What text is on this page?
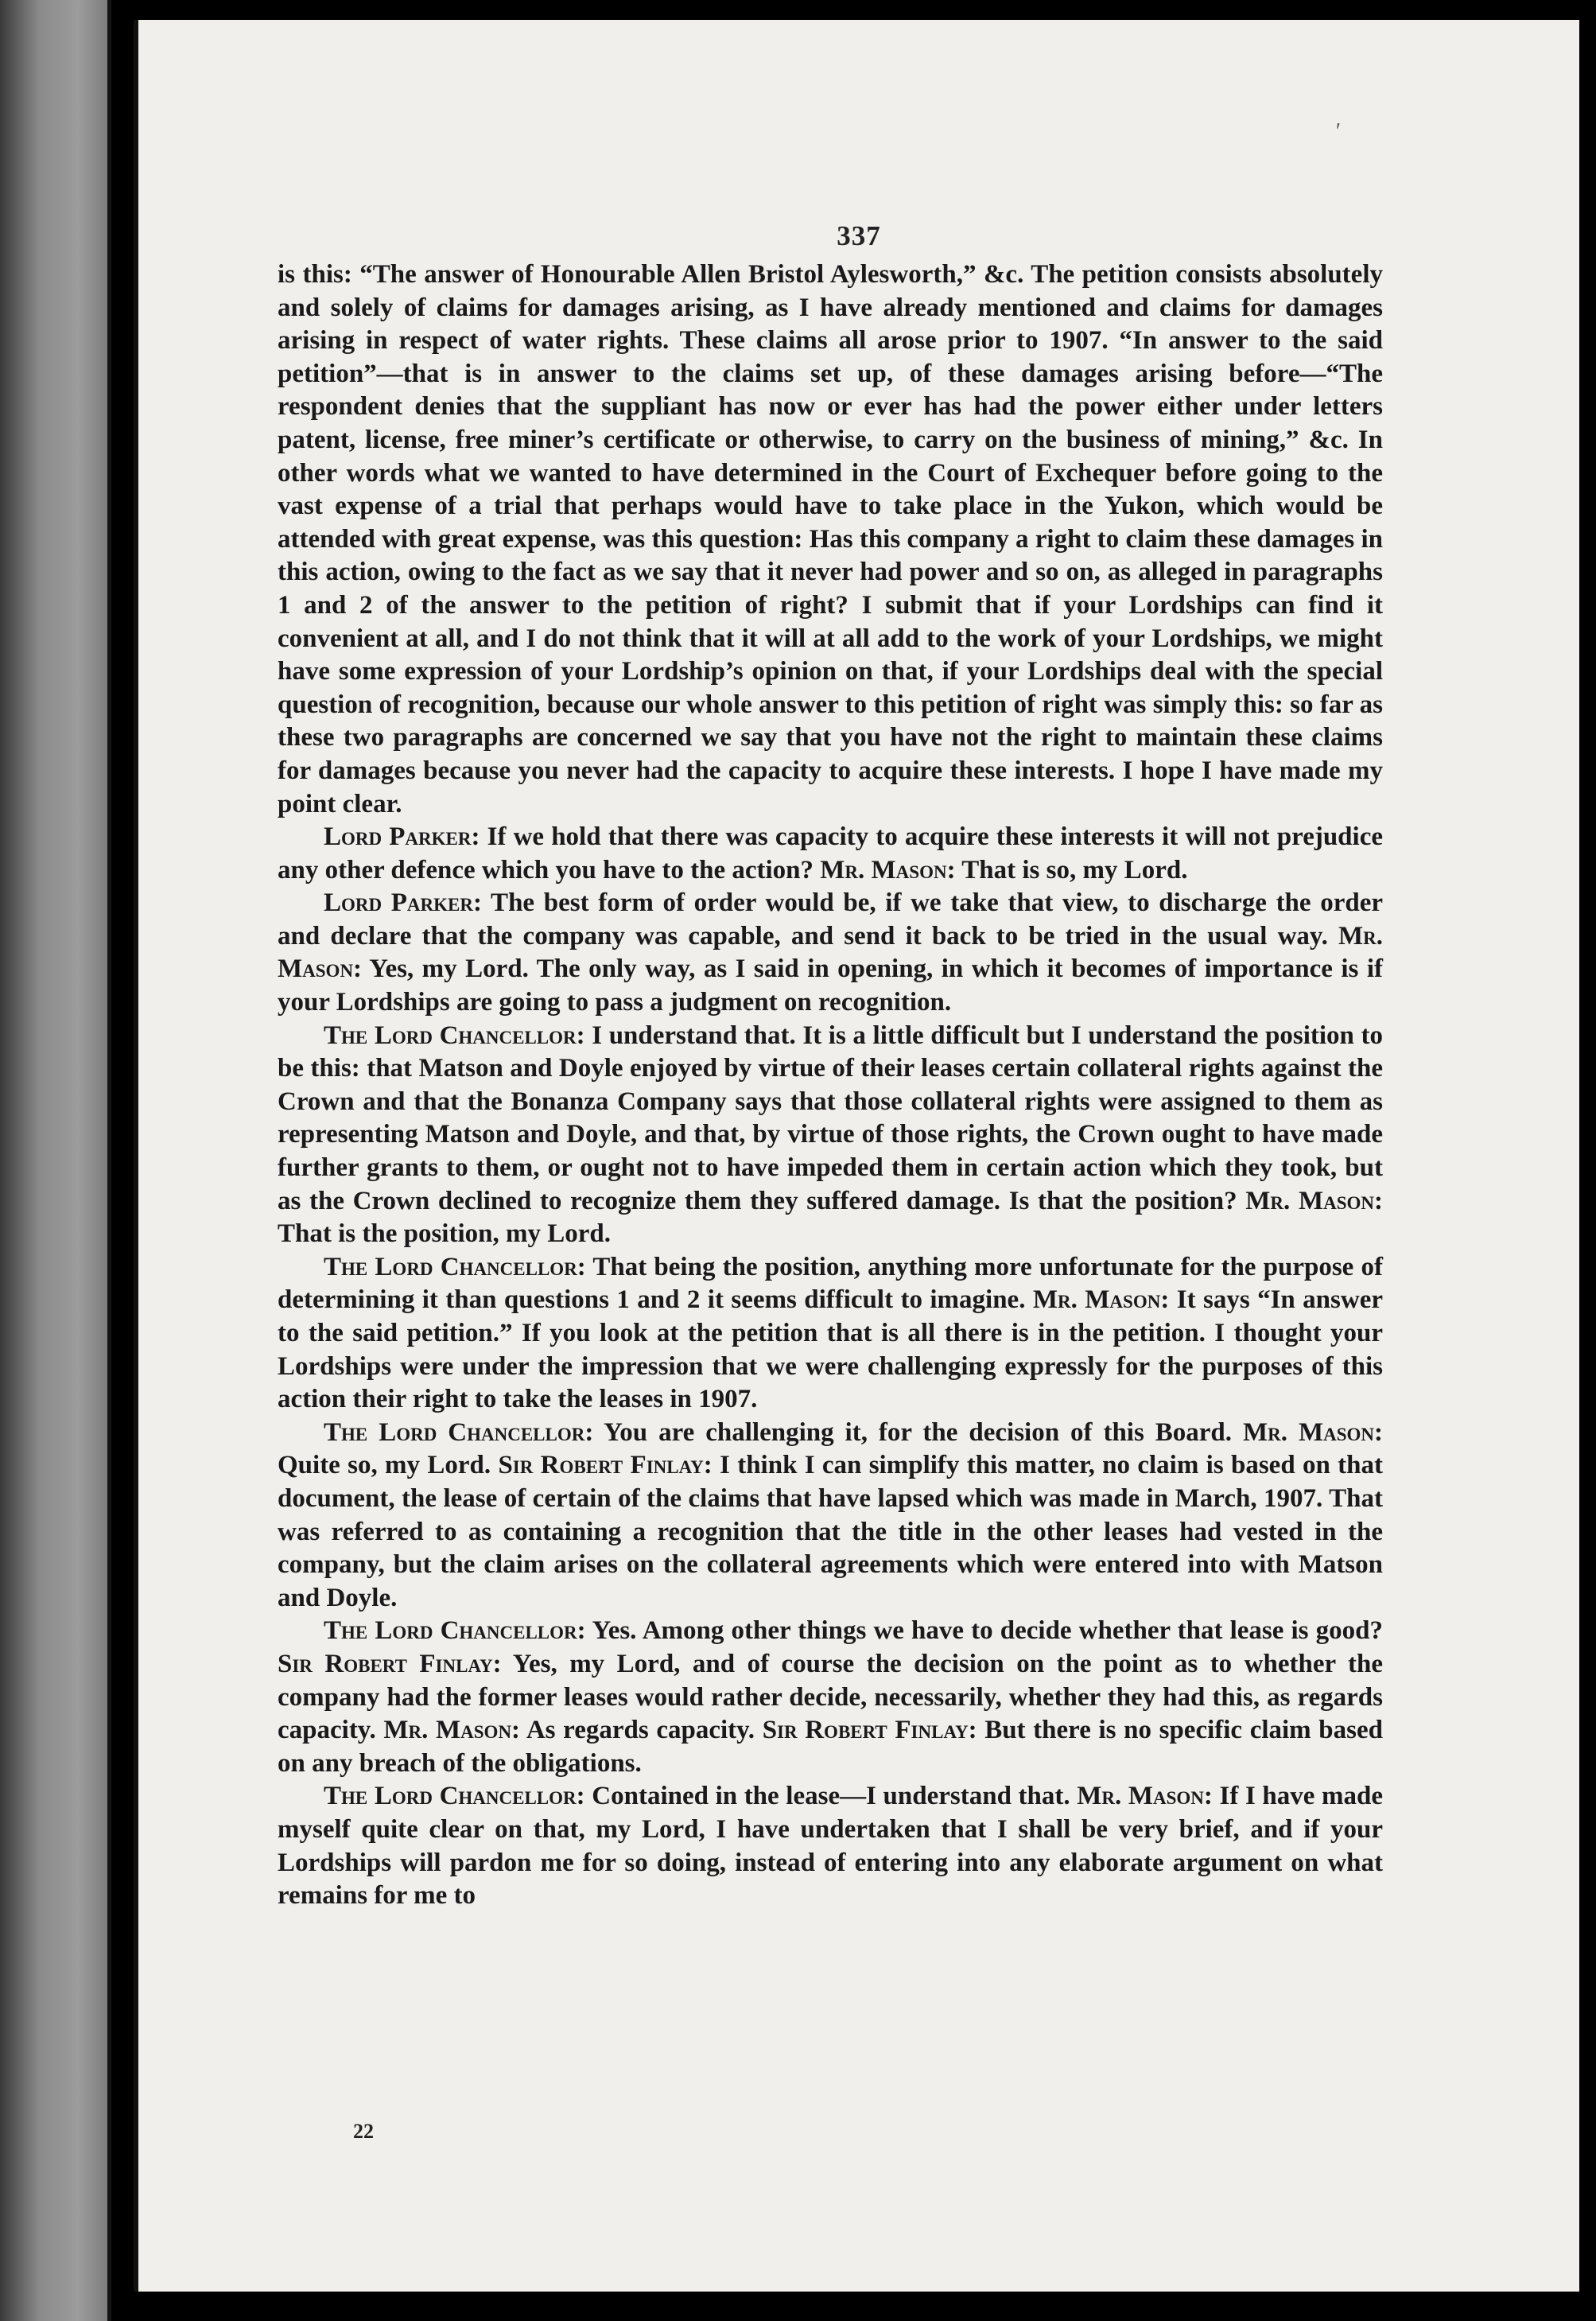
′
337

is this: “The answer of Honourable Allen Bristol Aylesworth,” &c. The petition consists absolutely and solely of claims for damages arising, as I have already mentioned and claims for damages arising in respect of water rights. These claims all arose prior to 1907. “In answer to the said petition”—that is in answer to the claims set up, of these damages arising before—“The respondent denies that the suppliant has now or ever has had the power either under letters patent, license, free miner’s certificate or otherwise, to carry on the business of mining,” &c. In other words what we wanted to have determined in the Court of Exchequer before going to the vast expense of a trial that perhaps would have to take place in the Yukon, which would be attended with great expense, was this question: Has this company a right to claim these damages in this action, owing to the fact as we say that it never had power and so on, as alleged in paragraphs 1 and 2 of the answer to the petition of right? I submit that if your Lordships can find it convenient at all, and I do not think that it will at all add to the work of your Lordships, we might have some expression of your Lordship’s opinion on that, if your Lordships deal with the special question of recognition, because our whole answer to this petition of right was simply this: so far as these two paragraphs are concerned we say that you have not the right to maintain these claims for damages because you never had the capacity to acquire these interests. I hope I have made my point clear.

Lord Parker: If we hold that there was capacity to acquire these interests it will not prejudice any other defence which you have to the action? Mr. Mason: That is so, my Lord.

Lord Parker: The best form of order would be, if we take that view, to discharge the order and declare that the company was capable, and send it back to be tried in the usual way. Mr. Mason: Yes, my Lord. The only way, as I said in opening, in which it becomes of importance is if your Lordships are going to pass a judgment on recognition.

The Lord Chancellor: I understand that. It is a little difficult but I understand the position to be this: that Matson and Doyle enjoyed by virtue of their leases certain collateral rights against the Crown and that the Bonanza Company says that those collateral rights were assigned to them as representing Matson and Doyle, and that, by virtue of those rights, the Crown ought to have made further grants to them, or ought not to have impeded them in certain action which they took, but as the Crown declined to recognize them they suffered damage. Is that the position? Mr. Mason: That is the position, my Lord.

The Lord Chancellor: That being the position, anything more unfortunate for the purpose of determining it than questions 1 and 2 it seems difficult to imagine. Mr. Mason: It says “In answer to the said petition.” If you look at the petition that is all there is in the petition. I thought your Lordships were under the impression that we were challenging expressly for the purposes of this action their right to take the leases in 1907.

The Lord Chancellor: You are challenging it, for the decision of this Board. Mr. Mason: Quite so, my Lord. Sir Robert Finlay: I think I can simplify this matter, no claim is based on that document, the lease of certain of the claims that have lapsed which was made in March, 1907. That was referred to as containing a recognition that the title in the other leases had vested in the company, but the claim arises on the collateral agreements which were entered into with Matson and Doyle.

The Lord Chancellor: Yes. Among other things we have to decide whether that lease is good? Sir Robert Finlay: Yes, my Lord, and of course the decision on the point as to whether the company had the former leases would rather decide, necessarily, whether they had this, as regards capacity. Mr. Mason: As regards capacity. Sir Robert Finlay: But there is no specific claim based on any breach of the obligations.

The Lord Chancellor: Contained in the lease—I understand that. Mr. Mason: If I have made myself quite clear on that, my Lord, I have undertaken that I shall be very brief, and if your Lordships will pardon me for so doing, instead of entering into any elaborate argument on what remains for me to

22
